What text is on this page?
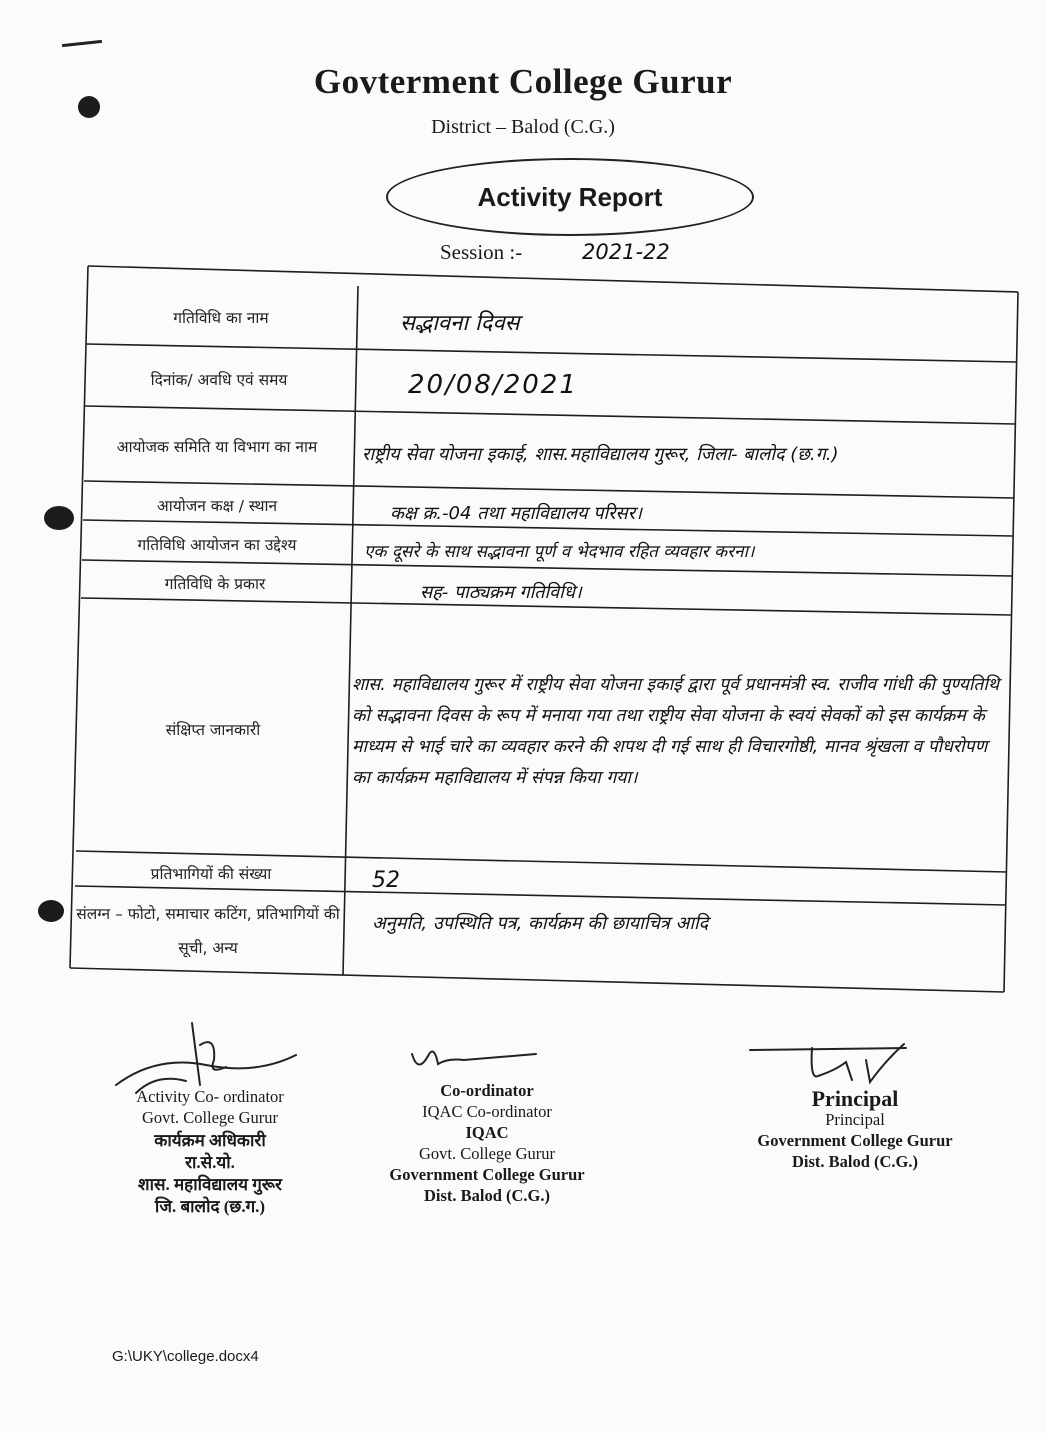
Govterment College Gurur
District – Balod (C.G.)
Activity Report
Session :-	2021-22
गतिविधि का नाम
दिनांक/ अवधि एवं समय
आयोजक समिति या विभाग का नाम
आयोजन कक्ष / स्थान
गतिविधि आयोजन का उद्देश्य
गतिविधि के प्रकार
संक्षिप्त जानकारी
प्रतिभागियों की संख्या
संलग्न – फोटो, समाचार कटिंग, प्रतिभागियों की सूची, अन्य
सद्भावना दिवस
20/08/2021
राष्ट्रीय सेवा योजना इकाई, शास.महाविद्यालय गुरूर, जिला- बालोद (छ.ग.)
कक्ष क्र.-04 तथा महाविद्यालय परिसर।
एक दूसरे के साथ सद्भावना पूर्ण व भेदभाव रहित व्यवहार करना।
सह- पाठ्यक्रम गतिविधि।
शास. महाविद्यालय गुरूर में राष्ट्रीय सेवा योजना इकाई द्वारा पूर्व प्रधानमंत्री स्व. राजीव गांधी की पुण्यतिथि को सद्भावना दिवस के रूप में मनाया गया तथा राष्ट्रीय सेवा योजना के स्वयं सेवकों को इस कार्यक्रम के माध्यम से भाई चारे का व्यवहार करने की शपथ दी गई साथ ही विचारगोष्ठी, मानव श्रृंखला व पौधरोपण का कार्यक्रम महाविद्यालय में संपन्न किया गया।
52
अनुमति, उपस्थिति पत्र, कार्यक्रम की छायाचित्र आदि
Activity Co- ordinator
Govt. College Gurur
कार्यक्रम अधिकारी
रा.से.यो.
शास. महाविद्यालय गुरूर
जि. बालोद (छ.ग.)
Co-ordinator
IQAC Co-ordinator
IQAC
Govt. College Gurur
Government College Gurur
Dist. Balod (C.G.)
Principal
Principal
Government College Gurur
Dist. Balod (C.G.)
G:\UKY\college.docx4
